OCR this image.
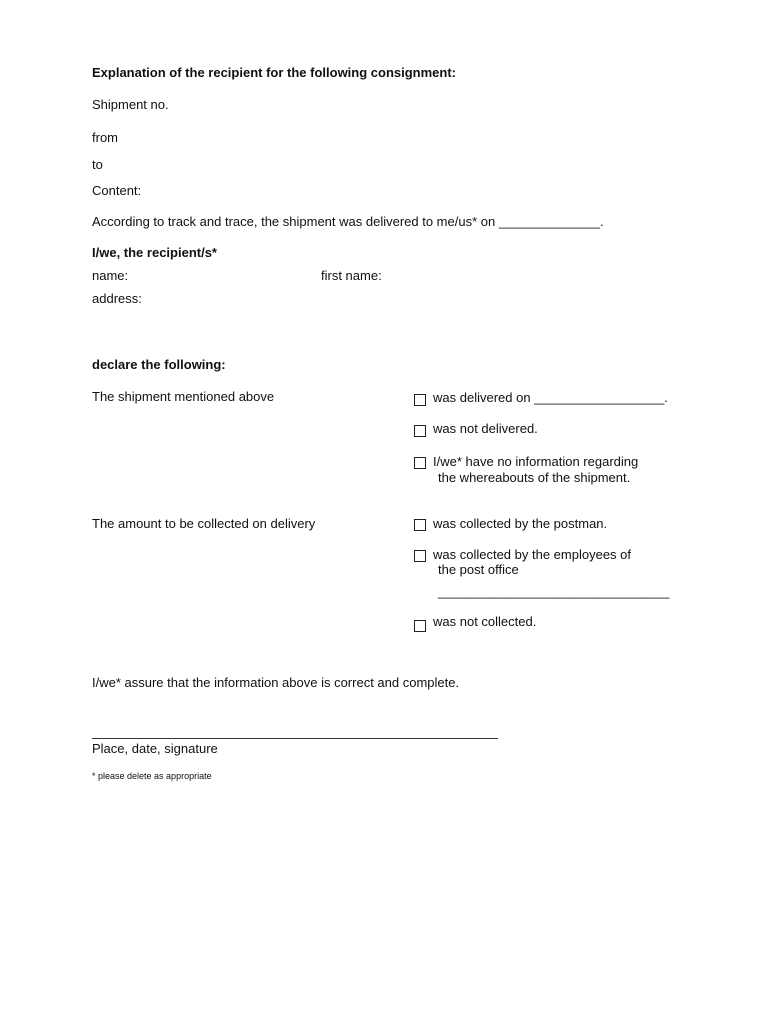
Explanation of the recipient for the following consignment:
Shipment no.
from
to
Content:
According to track and trace, the shipment was delivered to me/us* on ______________.
I/we, the recipient/s*
name:	first name:
address:
declare the following:
The shipment mentioned above	was delivered on __________________.
was not delivered.
I/we* have no information regarding
the whereabouts of the shipment.
The amount to be collected on delivery	was collected by the postman.
was collected by the employees of
the post office
________________________________
was not collected.
I/we* assure that the information above is correct and complete.
Place, date, signature
* please delete as appropriate
